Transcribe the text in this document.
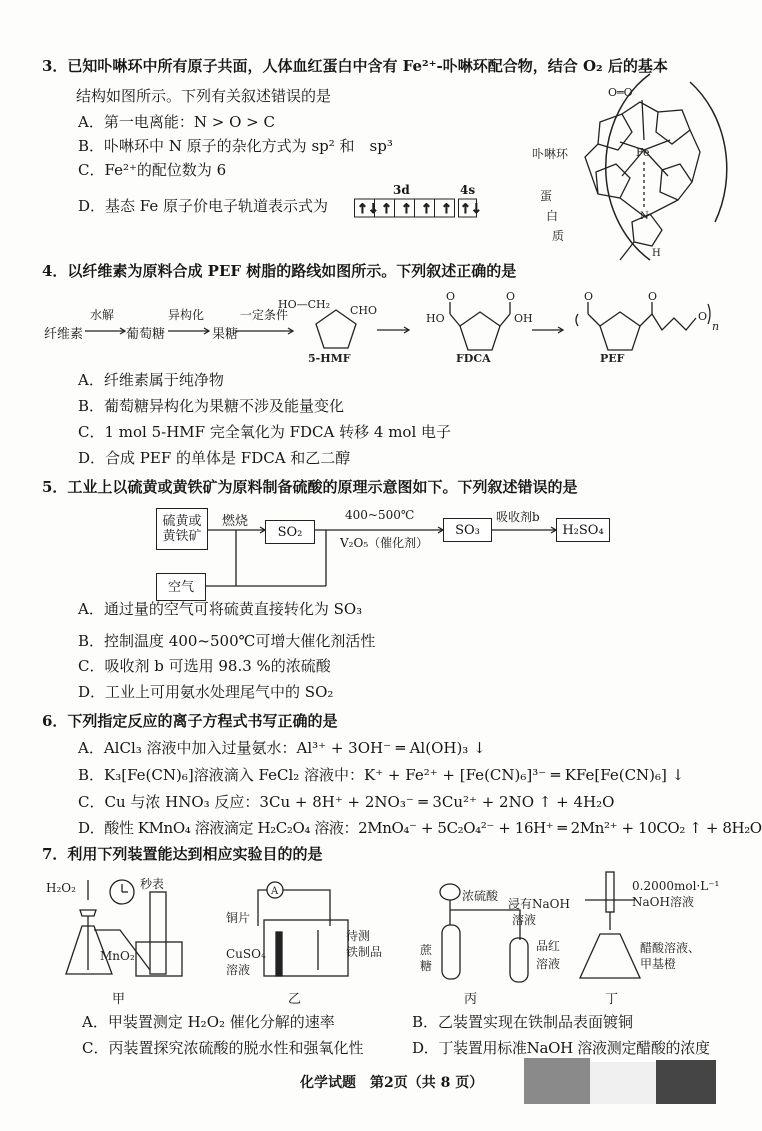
3．已知卟啉环中所有原子共面，人体血红蛋白中含有 Fe²⁺-卟啉环配合物，结合 O₂ 后的基本
结构如图所示。下列有关叙述错误的是
A．第一电离能：N > O > C
B．卟啉环中 N 原子的杂化方式为 sp² 和　sp³
C．Fe²⁺的配位数为 6
D．基态 Fe 原子价电子轨道表示式为
3d	4s
↑↓ ↑ ↑ ↑ ↑ ↑↓
O═O
Fe
卟啉环
蛋
白
质
N
H
4．以纤维素为原料合成 PEF 树脂的路线如图所示。下列叙述正确的是
纤维素
水解
葡萄糖
异构化
果糖
一定条件
HO—CH₂ CHO
HO	OH
O	O	O	O
O
n
5-HMF	FDCA	PEF
A．纤维素属于纯净物
B．葡萄糖异构化为果糖不涉及能量变化
C．1 mol 5-HMF 完全氧化为 FDCA 转移 4 mol 电子
D．合成 PEF 的单体是 FDCA 和乙二醇
5．工业上以硫黄或黄铁矿为原料制备硫酸的原理示意图如下。下列叙述错误的是
硫黄或黄铁矿	SO₂	SO₃	H₂SO₄
空气
燃烧	400~500℃
V₂O₅（催化剂）
吸收剂b
A．通过量的空气可将硫黄直接转化为 SO₃
B．控制温度 400~500℃可增大催化剂活性
C．吸收剂 b 可选用 98.3 %的浓硫酸
D．工业上可用氨水处理尾气中的 SO₂
6．下列指定反应的离子方程式书写正确的是
A．AlCl₃ 溶液中加入过量氨水：Al³⁺ + 3OH⁻ ═ Al(OH)₃ ↓
B．K₃[Fe(CN)₆]溶液滴入 FeCl₂ 溶液中：K⁺ + Fe²⁺ + [Fe(CN)₆]³⁻ ═ KFe[Fe(CN)₆] ↓
C．Cu 与浓 HNO₃ 反应：3Cu + 8H⁺ + 2NO₃⁻ ═ 3Cu²⁺ + 2NO ↑ + 4H₂O
D．酸性 KMnO₄ 溶液滴定 H₂C₂O₄ 溶液：2MnO₄⁻ + 5C₂O₄²⁻ + 16H⁺ ═ 2Mn²⁺ + 10CO₂ ↑ + 8H₂O
7．利用下列装置能达到相应实验目的的是
H₂O₂	秒表
MnO₂
A
铜片
CuSO₄
溶液
待测
铁制品
浓硫酸
浸有NaOH
溶液
蔗
糖
品红
溶液
0.2000mol·L⁻¹
NaOH溶液
醋酸溶液、
甲基橙
甲	乙	丙	丁
A．甲装置测定 H₂O₂ 催化分解的速率	B．乙装置实现在铁制品表面镀铜
C．丙装置探究浓硫酸的脱水性和强氧化性	D．丁装置用标准NaOH 溶液测定醋酸的浓度
化学试题　第2页（共 8 页）
